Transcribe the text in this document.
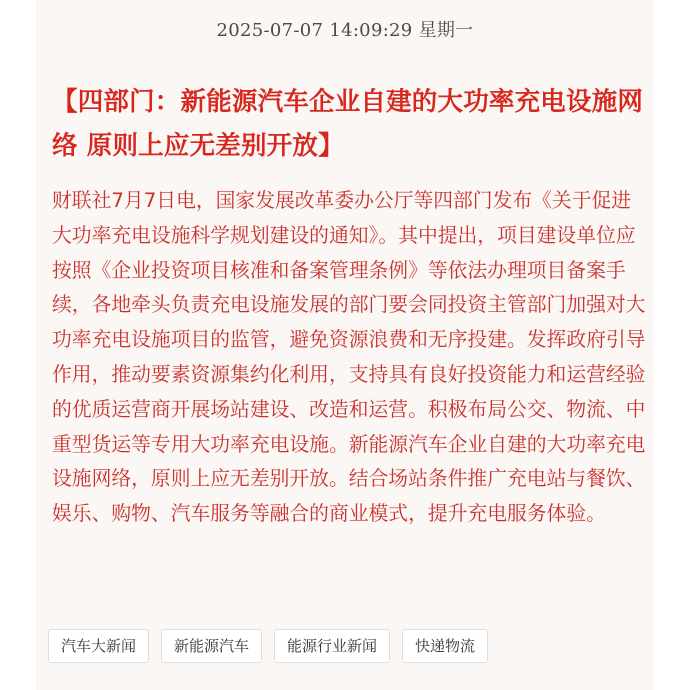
2025-07-07 14:09:29 星期一
【四部门：新能源汽车企业自建的大功率充电设施网络 原则上应无差别开放】

财联社7月7日电，国家发展改革委办公厅等四部门发布《关于促进大功率充电设施科学规划建设的通知》。其中提出，项目建设单位应按照《企业投资项目核准和备案管理条例》等依法办理项目备案手续，各地牵头负责充电设施发展的部门要会同投资主管部门加强对大功率充电设施项目的监管，避免资源浪费和无序投建。发挥政府引导作用，推动要素资源集约化利用，支持具有良好投资能力和运营经验的优质运营商开展场站建设、改造和运营。积极布局公交、物流、中重型货运等专用大功率充电设施。新能源汽车企业自建的大功率充电设施网络，原则上应无差别开放。结合场站条件推广充电站与餐饮、娱乐、购物、汽车服务等融合的商业模式，提升充电服务体验。

汽车大新闻	新能源汽车	能源行业新闻	快递物流
